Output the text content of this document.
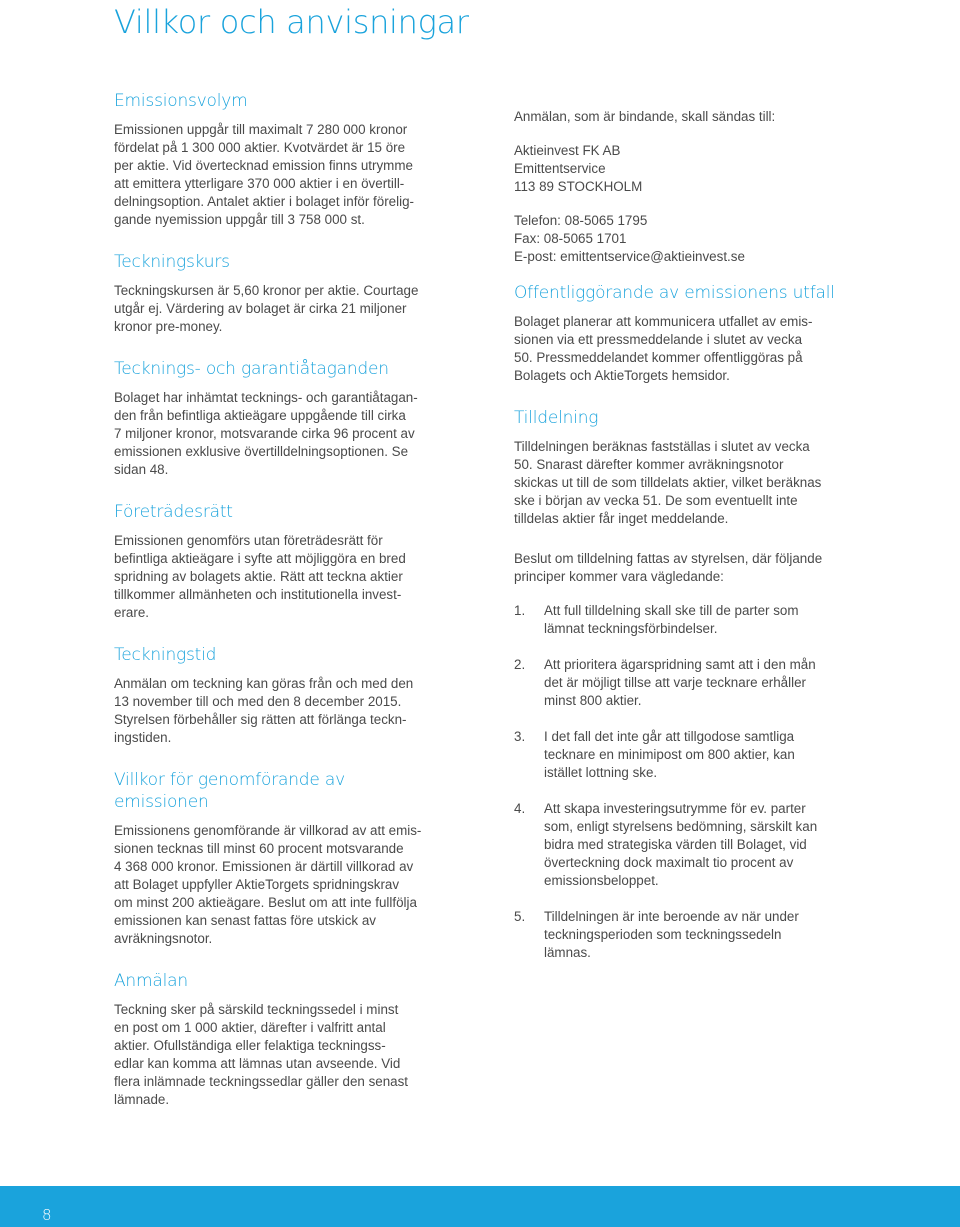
Villkor och anvisningar
Emissionsvolym

Emissionen uppgår till maximalt 7 280 000 kronor
fördelat på 1 300 000 aktier. Kvotvärdet är 15 öre
per aktie. Vid övertecknad emission finns utrymme
att emittera ytterligare 370 000 aktier i en övertill-
delningsoption. Antalet aktier i bolaget inför förelig-
gande nyemission uppgår till 3 758 000 st.

Teckningskurs

Teckningskursen är 5,60 kronor per aktie. Courtage
utgår ej. Värdering av bolaget är cirka 21 miljoner
kronor pre-money.

Tecknings- och garantiåtaganden

Bolaget har inhämtat tecknings- och garantiåtagan-
den från befintliga aktieägare uppgående till cirka
7 miljoner kronor, motsvarande cirka 96 procent av
emissionen exklusive övertilldelningsoptionen. Se
sidan 48.

Företrädesrätt

Emissionen genomförs utan företrädesrätt för
befintliga aktieägare i syfte att möjliggöra en bred
spridning av bolagets aktie. Rätt att teckna aktier
tillkommer allmänheten och institutionella invest-
erare.

Teckningstid

Anmälan om teckning kan göras från och med den
13 november till och med den 8 december 2015.
Styrelsen förbehåller sig rätten att förlänga teckn-
ingstiden.

Villkor för genomförande av emissionen

Emissionens genomförande är villkorad av att emis-
sionen tecknas till minst 60 procent motsvarande
4 368 000 kronor. Emissionen är därtill villkorad av
att Bolaget uppfyller AktieTorgets spridningskrav
om minst 200 aktieägare. Beslut om att inte fullfölja
emissionen kan senast fattas före utskick av
avräkningsnotor.

Anmälan

Teckning sker på särskild teckningssedel i minst
en post om 1 000 aktier, därefter i valfritt antal
aktier. Ofullständiga eller felaktiga teckningss-
edlar kan komma att lämnas utan avseende. Vid
flera inlämnade teckningssedlar gäller den senast
lämnade.

Anmälan, som är bindande, skall sändas till:

Aktieinvest FK AB
Emittentservice
113 89 STOCKHOLM

Telefon: 08-5065 1795
Fax: 08-5065 1701
E-post: emittentservice@aktieinvest.se

Offentliggörande av emissionens utfall

Bolaget planerar att kommunicera utfallet av emis-
sionen via ett pressmeddelande i slutet av vecka
50. Pressmeddelandet kommer offentliggöras på
Bolagets och AktieTorgets hemsidor.

Tilldelning

Tilldelningen beräknas fastställas i slutet av vecka
50. Snarast därefter kommer avräkningsnotor
skickas ut till de som tilldelats aktier, vilket beräknas
ske i början av vecka 51. De som eventuellt inte
tilldelas aktier får inget meddelande.

Beslut om tilldelning fattas av styrelsen, där följande
principer kommer vara vägledande:

1.	Att full tilldelning skall ske till de parter som
lämnat teckningsförbindelser.
2.	Att prioritera ägarspridning samt att i den mån
det är möjligt tillse att varje tecknare erhåller
minst 800 aktier.
3.	I det fall det inte går att tillgodose samtliga
tecknare en minimipost om 800 aktier, kan
istället lottning ske.
4.	Att skapa investeringsutrymme för ev. parter
som, enligt styrelsens bedömning, särskilt kan
bidra med strategiska värden till Bolaget, vid
överteckning dock maximalt tio procent av
emissionsbeloppet.
5.	Tilldelningen är inte beroende av när under
teckningsperioden som teckningssedeln
lämnas.
8
